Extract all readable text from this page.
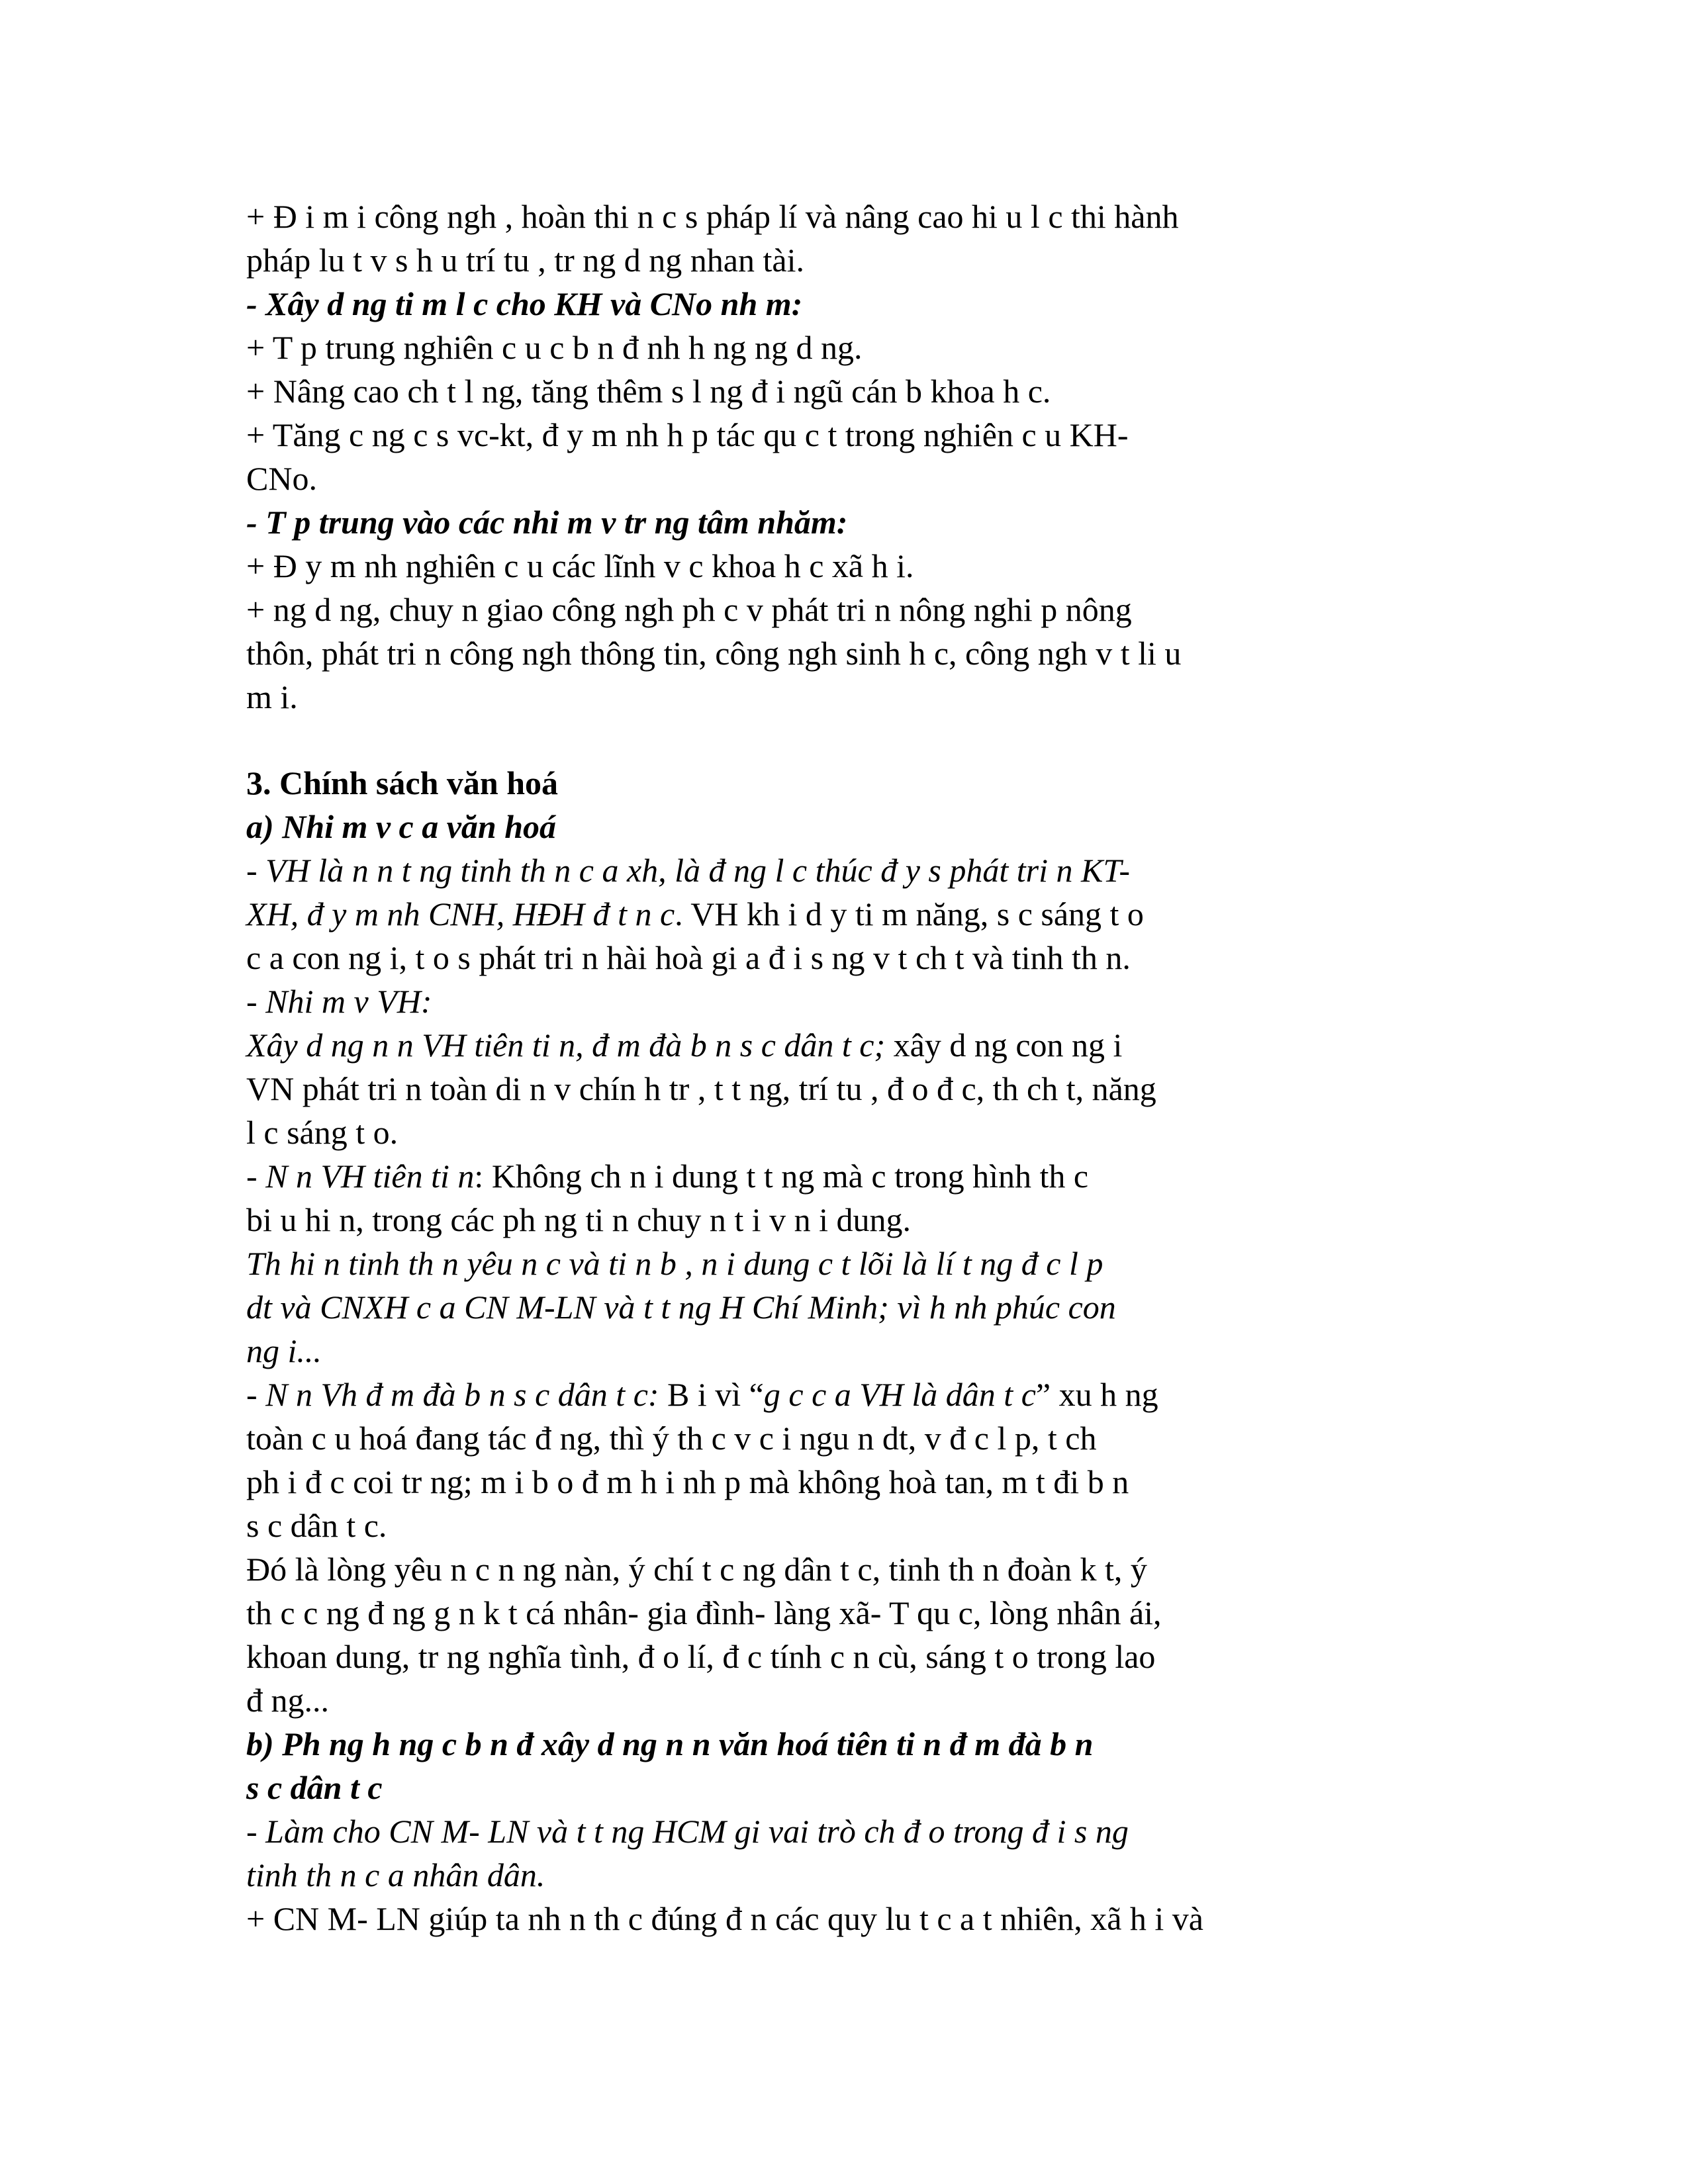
+ Đ i m i công ngh , hoàn thi n c s pháp lí và nâng cao hi u l c thi hành
pháp lu t v s h u trí tu , tr ng d ng nhan tài.
- Xây d ng ti m l c cho KH và CNo nh m:
+ T p trung nghiên c u c b n đ nh h ng ng d ng.
+ Nâng cao ch t l ng, tăng thêm s l ng đ i ngũ cán b khoa h c.
+ Tăng c ng c s vc-kt, đ y m nh h p tác qu c t trong nghiên c u KH-
CNo.
- T p trung vào các nhi m v tr ng tâm nhăm:
+ Đ y m nh nghiên c u các lĩnh v c khoa h c xã h i.
+ ng d ng, chuy n giao công ngh ph c v phát tri n nông nghi p nông
thôn, phát tri n công ngh thông tin, công ngh sinh h c, công ngh v t li u
m i.
3. Chính sách văn hoá
a) Nhi m v c a văn hoá
- VH là n n t ng tinh th n c a xh, là đ ng l c thúc đ y s phát tri n KT-
XH, đ y m nh CNH, HĐH đ t n c. VH kh i d y ti m năng, s c sáng t o
c a con ng i, t o s phát tri n hài hoà gi a đ i s ng v t ch t và tinh th n.
- Nhi m v VH:
Xây d ng n n VH tiên ti n, đ m đà b n s c dân t c; xây d ng con ng i
VN phát tri n toàn di n v chín h tr , t t ng, trí tu , đ o đ c, th ch t, năng
l c sáng t o.
- N n VH tiên ti n: Không ch n i dung t t ng mà c trong hình th c
bi u hi n, trong các ph ng ti n chuy n t i v n i dung.
Th hi n tinh th n yêu n c và ti n b , n i dung c t lõi là lí t ng đ c l p
dt và CNXH c a CN M-LN và t t ng H Chí Minh; vì h nh phúc con
ng i...
- N n Vh đ m đà b n s c dân t c: B i vì “g c c a VH là dân t c” xu h ng
toàn c u hoá đang tác đ ng, thì ý th c v c i ngu n dt, v đ c l p, t ch
ph i đ c coi tr ng; m i b o đ m h i nh p mà không hoà tan, m t đi b n
s c dân t c.
Đó là lòng yêu n c n ng nàn, ý chí t c ng dân t c, tinh th n đoàn k t, ý
th c c ng đ ng g n k t cá nhân- gia đình- làng xã- T qu c, lòng nhân ái,
khoan dung, tr ng nghĩa tình, đ o lí, đ c tính c n cù, sáng t o trong lao
đ ng...
b) Ph ng h ng c b n đ xây d ng n n văn hoá tiên ti n đ m đà b n
s c dân t c
- Làm cho CN M- LN và t t ng HCM gi vai trò ch đ o trong đ i s ng
tinh th n c a nhân dân.
+ CN M- LN giúp ta nh n th c đúng đ n các quy lu t c a t nhiên, xã h i và
